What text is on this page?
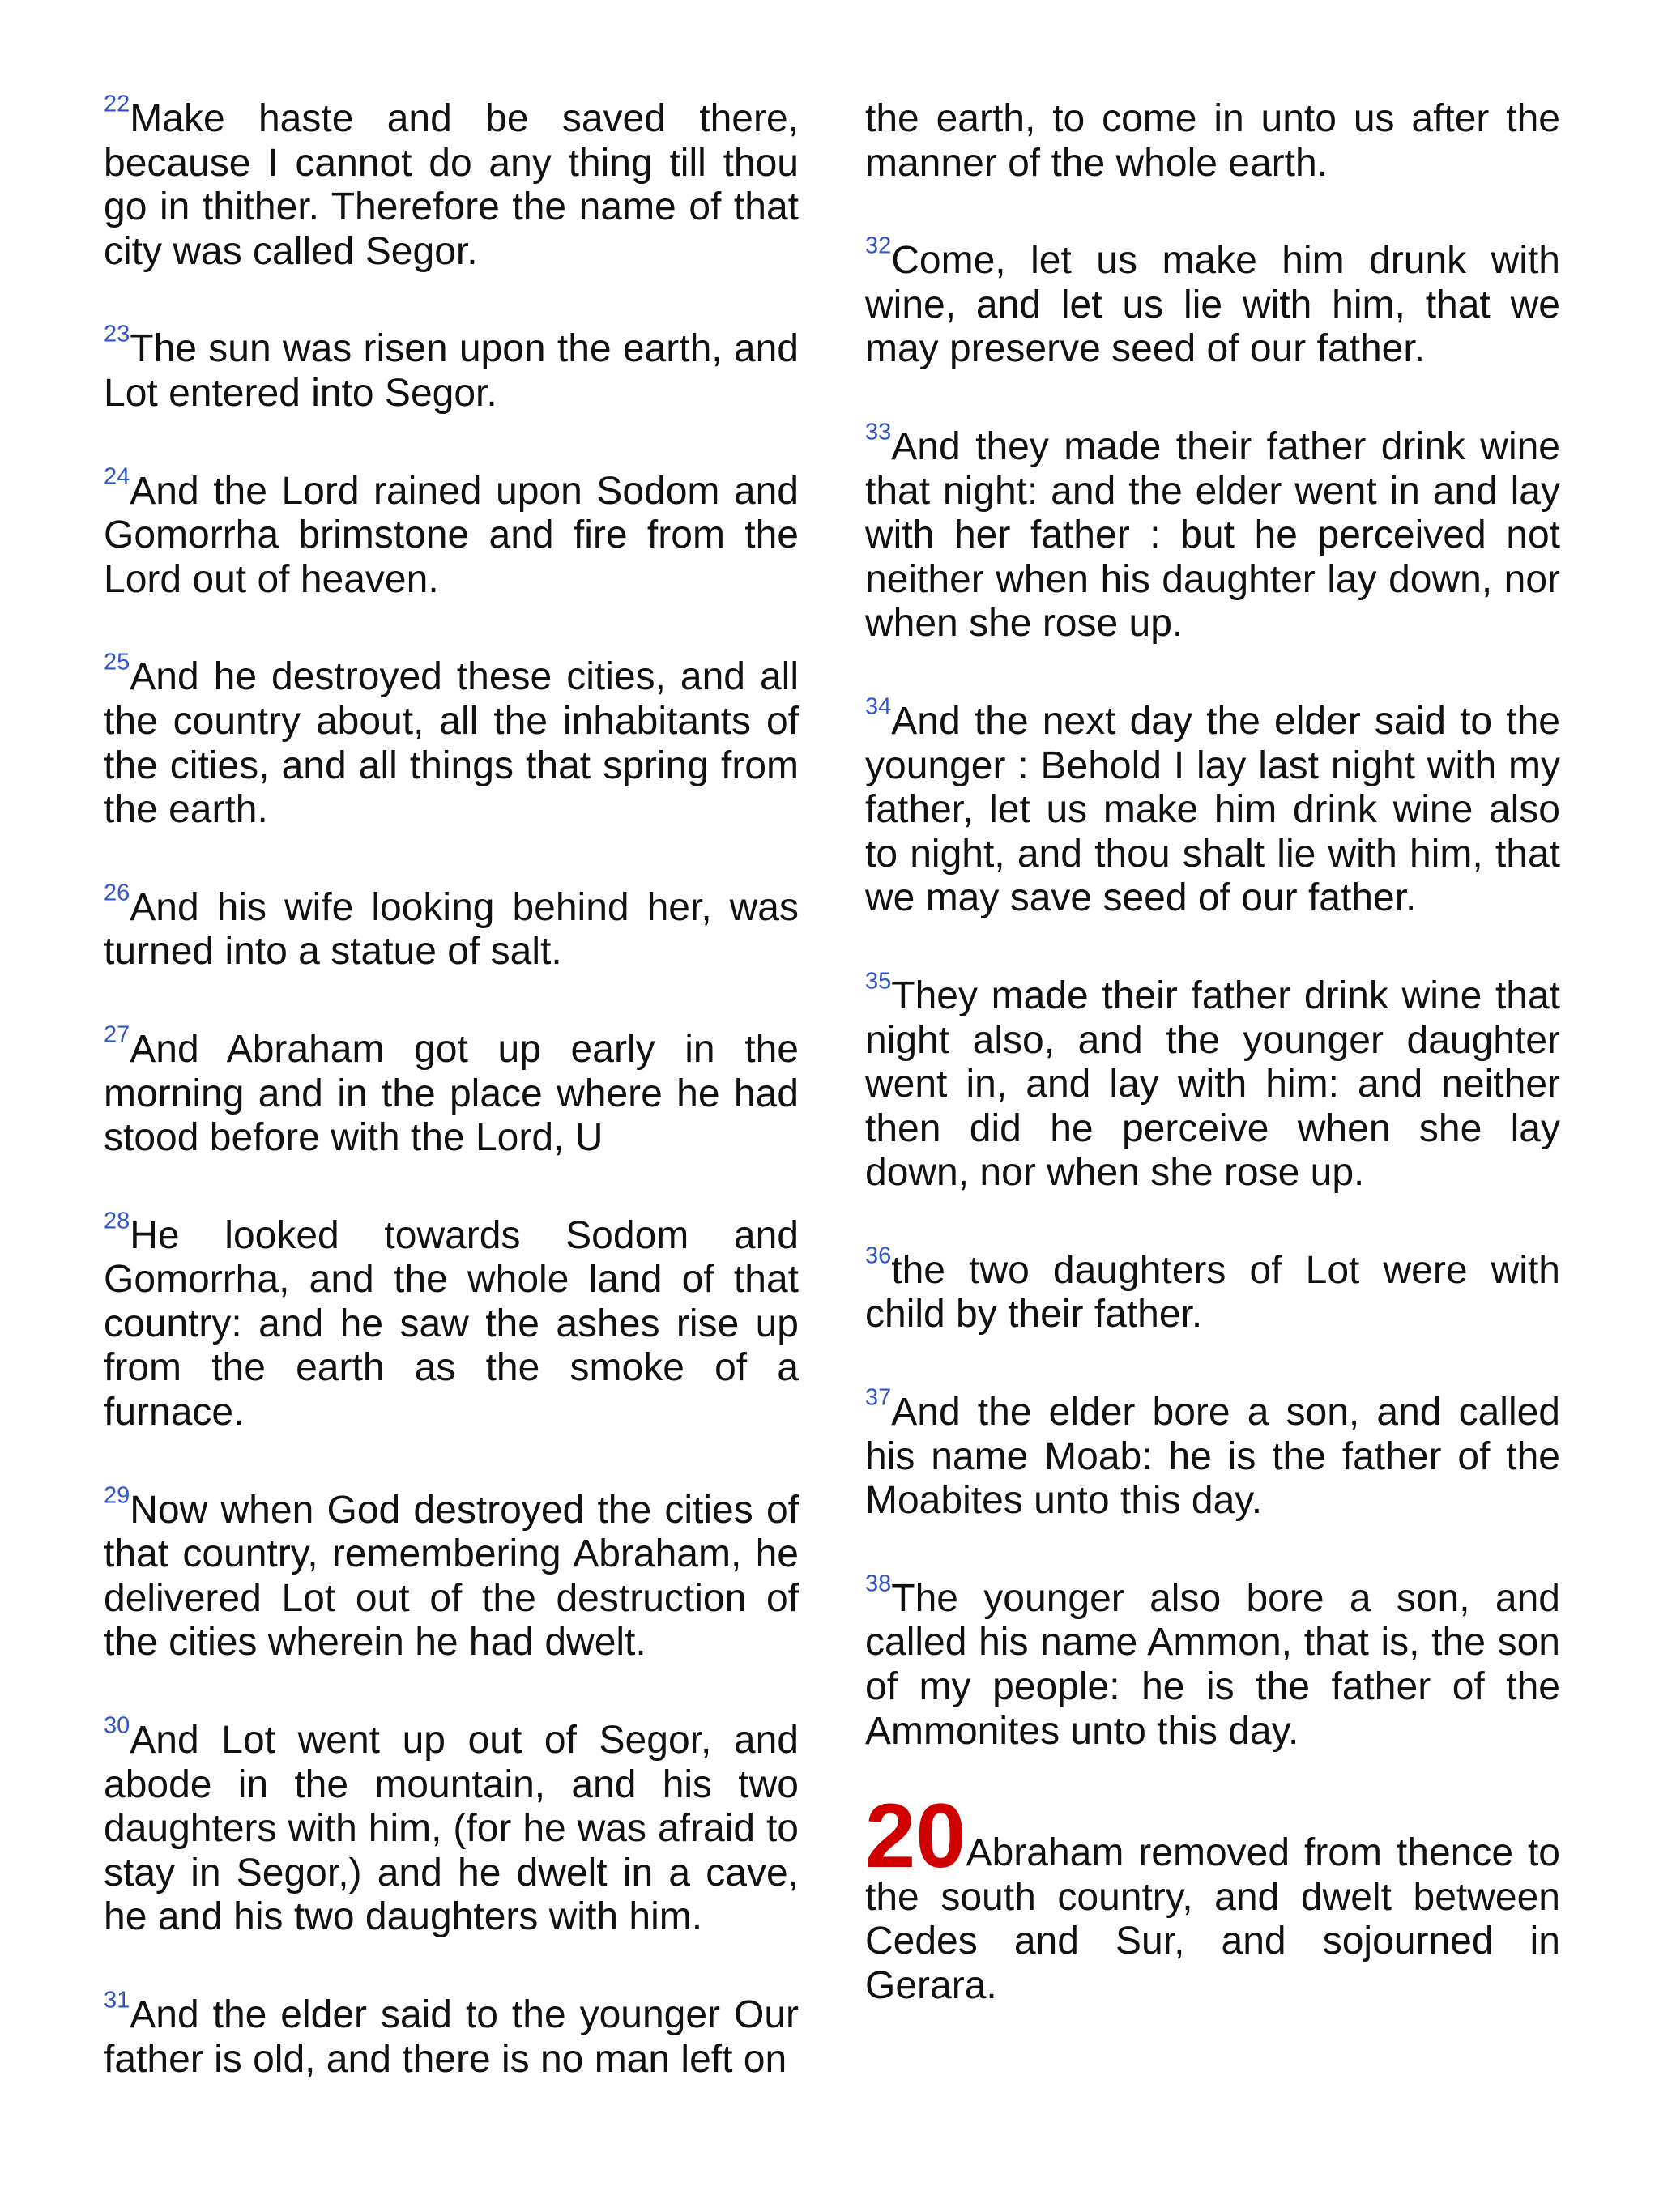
$^{22}$Make haste and be saved there, because I cannot do any thing till thou go in thither. Therefore the name of that city was called Segor.

$^{23}$The sun was risen upon the earth, and Lot entered into Segor.

$^{24}$And the Lord rained upon Sodom and Gomorrha brimstone and fire from the Lord out of heaven.

$^{25}$And he destroyed these cities, and all the country about, all the inhabitants of the cities, and all things that spring from the earth.

$^{26}$And his wife looking behind her, was turned into a statue of salt.

$^{27}$And Abraham got up early in the morning and in the place where he had stood before with the Lord, U

$^{28}$He looked towards Sodom and Gomorrha, and the whole land of that country: and he saw the ashes rise up from the earth as the smoke of a furnace.

$^{29}$Now when God destroyed the cities of that country, remembering Abraham, he delivered Lot out of the destruction of the cities wherein he had dwelt.

$^{30}$And Lot went up out of Segor, and abode in the mountain, and his two daughters with him, (for he was afraid to stay in Segor,) and he dwelt in a cave, he and his two daughters with him.

$^{31}$And the elder said to the younger Our father is old, and there is no man left on

the earth, to come in unto us after the manner of the whole earth.

$^{32}$Come, let us make him drunk with wine, and let us lie with him, that we may preserve seed of our father.

$^{33}$And they made their father drink wine that night: and the elder went in and lay with her father : but he perceived not neither when his daughter lay down, nor when she rose up.

$^{34}$And the next day the elder said to the younger : Behold I lay last night with my father, let us make him drink wine also to night, and thou shalt lie with him, that we may save seed of our father.

$^{35}$They made their father drink wine that night also, and the younger daughter went in, and lay with him: and neither then did he perceive when she lay down, nor when she rose up.

$^{36}$the two daughters of Lot were with child by their father.

$^{37}$And the elder bore a son, and called his name Moab: he is the father of the Moabites unto this day.

$^{38}$The younger also bore a son, and called his name Ammon, that is, the son of my people: he is the father of the Ammonites unto this day.

20Abraham removed from thence to the south country, and dwelt between Cedes and Sur, and sojourned in Gerara.
